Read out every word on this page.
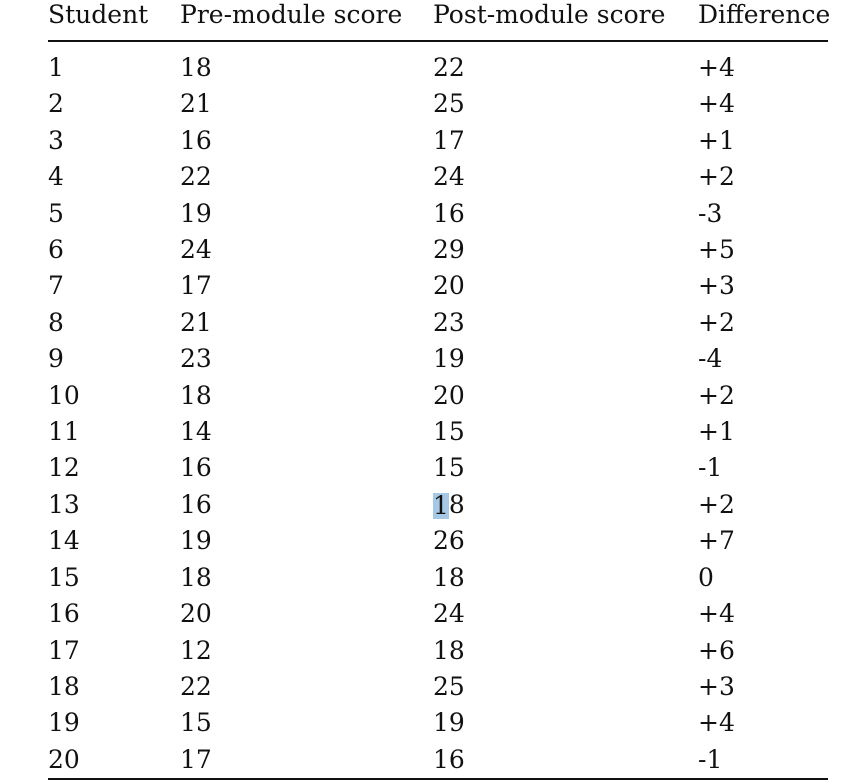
Student	Pre-module score	Post-module score	Difference

1	18	22	+4
2	21	25	+4
3	16	17	+1
4	22	24	+2
5	19	16	-3
6	24	29	+5
7	17	20	+3
8	21	23	+2
9	23	19	-4
10	18	20	+2
11	14	15	+1
12	16	15	-1
13	16	18	+2
14	19	26	+7
15	18	18	0
16	20	24	+4
17	12	18	+6
18	22	25	+3
19	15	19	+4
20	17	16	-1
